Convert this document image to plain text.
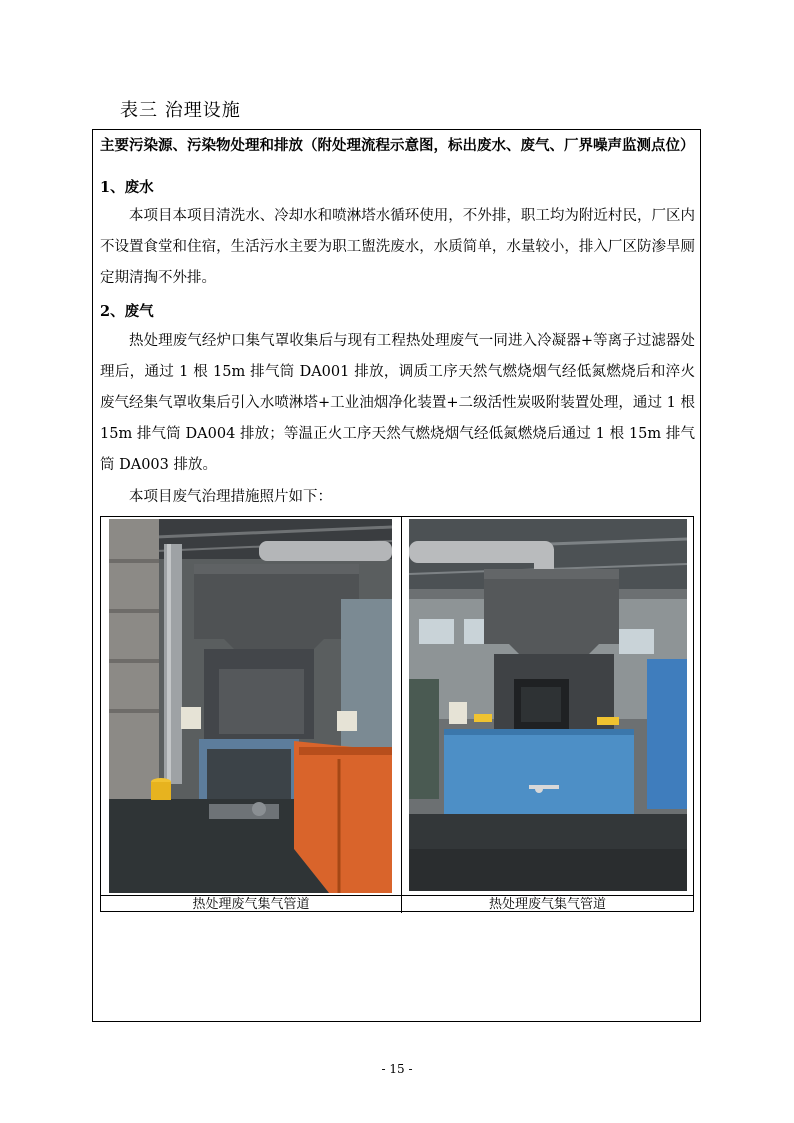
表三 治理设施
主要污染源、污染物处理和排放（附处理流程示意图，标出废水、废气、厂界噪声监测点位）
1、废水
本项目本项目清洗水、冷却水和喷淋塔水循环使用，不外排，职工均为附近村民，厂区内不设置食堂和住宿，生活污水主要为职工盥洗废水，水质简单，水量较小，排入厂区防渗旱厕定期清掏不外排。
2、废气
热处理废气经炉口集气罩收集后与现有工程热处理废气一同进入冷凝器+等离子过滤器处理后，通过 1 根 15m 排气筒 DA001 排放，调质工序天然气燃烧烟气经低氮燃烧后和淬火废气经集气罩收集后引入水喷淋塔+工业油烟净化装置+二级活性炭吸附装置处理，通过 1 根 15m 排气筒 DA004 排放；等温正火工序天然气燃烧烟气经低氮燃烧后通过 1 根 15m 排气筒 DA003 排放。
本项目废气治理措施照片如下：
热处理废气集气管道	热处理废气集气管道
- 15 -
